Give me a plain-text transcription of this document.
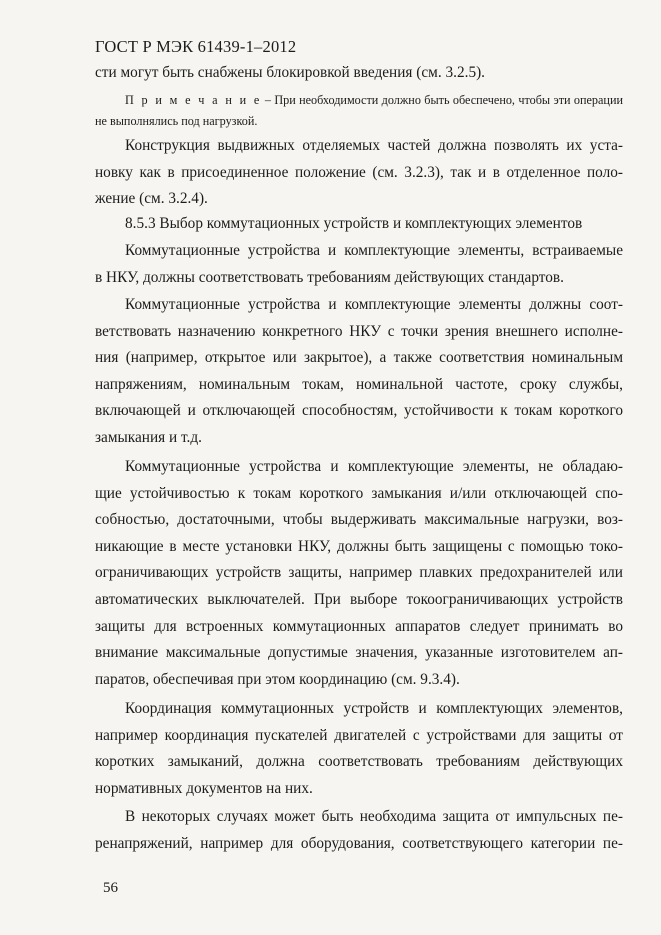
ГОСТ Р МЭК 61439-1–2012
сти могут быть снабжены блокировкой введения (см. 3.2.5).
П р и м е ч а н и е – При необходимости должно быть обеспечено, чтобы эти операции
не выполнялись под нагрузкой.
Конструкция выдвижных отделяемых частей должна позволять их уста-
новку как в присоединенное положение (см. 3.2.3), так и в отделенное поло-
жение (см. 3.2.4).
8.5.3 Выбор коммутационных устройств и комплектующих элементов
Коммутационные устройства и комплектующие элементы, встраиваемые
в НКУ, должны соответствовать требованиям действующих стандартов.
Коммутационные устройства и комплектующие элементы должны соот-
ветствовать назначению конкретного НКУ с точки зрения внешнего исполне-
ния (например, открытое или закрытое), а также соответствия номинальным
напряжениям, номинальным токам, номинальной частоте, сроку службы,
включающей и отключающей способностям, устойчивости к токам короткого
замыкания и т.д.
Коммутационные устройства и комплектующие элементы, не обладаю-
щие устойчивостью к токам короткого замыкания и/или отключающей спо-
собностью, достаточными, чтобы выдерживать максимальные нагрузки, воз-
никающие в месте установки НКУ, должны быть защищены с помощью токо-
ограничивающих устройств защиты, например плавких предохранителей или
автоматических выключателей. При выборе токоограничивающих устройств
защиты для встроенных коммутационных аппаратов следует принимать во
внимание максимальные допустимые значения, указанные изготовителем ап-
паратов, обеспечивая при этом координацию (см. 9.3.4).
Координация коммутационных устройств и комплектующих элементов,
например координация пускателей двигателей с устройствами для защиты от
коротких замыканий, должна соответствовать требованиям действующих
нормативных документов на них.
В некоторых случаях может быть необходима защита от импульсных пе-
ренапряжений, например для оборудования, соответствующего категории пе-
56
